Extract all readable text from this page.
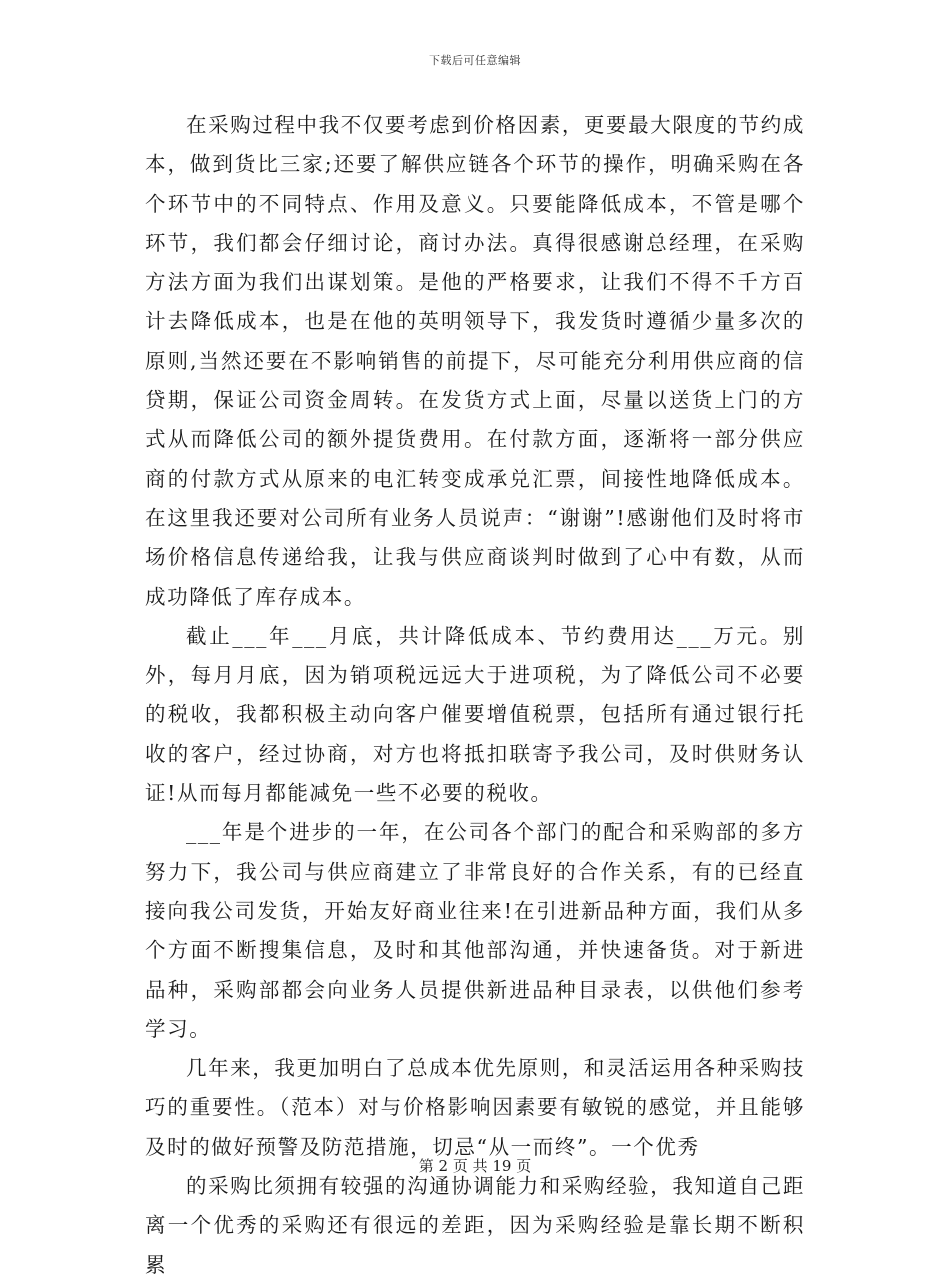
下载后可任意编辑

在采购过程中我不仅要考虑到价格因素，更要最大限度的节约成本，做到货比三家;还要了解供应链各个环节的操作，明确采购在各个环节中的不同特点、作用及意义。只要能降低成本，不管是哪个环节，我们都会仔细讨论，商讨办法。真得很感谢总经理，在采购方法方面为我们出谋划策。是他的严格要求，让我们不得不千方百计去降低成本，也是在他的英明领导下，我发货时遵循少量多次的原则,当然还要在不影响销售的前提下，尽可能充分利用供应商的信贷期，保证公司资金周转。在发货方式上面，尽量以送货上门的方式从而降低公司的额外提货费用。在付款方面，逐渐将一部分供应商的付款方式从原来的电汇转变成承兑汇票，间接性地降低成本。在这里我还要对公司所有业务人员说声：“谢谢”!感谢他们及时将市场价格信息传递给我，让我与供应商谈判时做到了心中有数，从而成功降低了库存成本。

截止___年___月底，共计降低成本、节约费用达___万元。别外，每月月底，因为销项税远远大于进项税，为了降低公司不必要的税收，我都积极主动向客户催要增值税票，包括所有通过银行托收的客户，经过协商，对方也将抵扣联寄予我公司，及时供财务认证!从而每月都能减免一些不必要的税收。

___年是个进步的一年，在公司各个部门的配合和采购部的多方努力下，我公司与供应商建立了非常良好的合作关系，有的已经直接向我公司发货，开始友好商业往来!在引进新品种方面，我们从多个方面不断搜集信息，及时和其他部沟通，并快速备货。对于新进品种，采购部都会向业务人员提供新进品种目录表，以供他们参考学习。

几年来，我更加明白了总成本优先原则，和灵活运用各种采购技巧的重要性。（范本）对与价格影响因素要有敏锐的感觉，并且能够及时的做好预警及防范措施，切忌“从一而终”。一个优秀

的采购比须拥有较强的沟通协调能力和采购经验，我知道自己距离一个优秀的采购还有很远的差距，因为采购经验是靠长期不断积累

第 2 页 共 19 页
